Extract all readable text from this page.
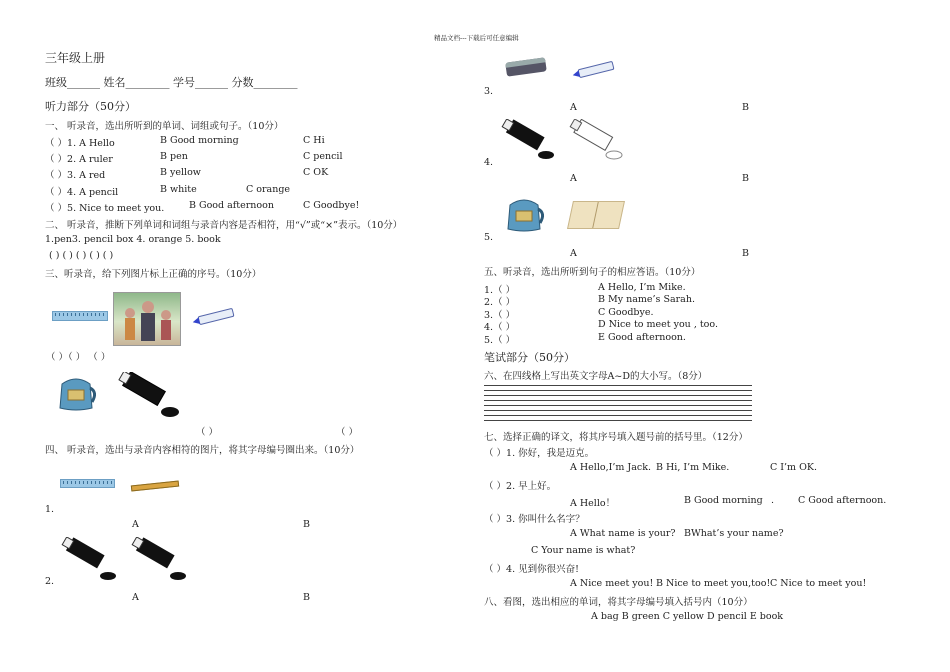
精品文档---下载后可任意编辑
三年级上册
班级______ 姓名________ 学号______ 分数________
听力部分（50分）
一、 听录音，选出所听到的单词、词组或句子。（10分）
（ ）1. A Hello	B Good morning	C Hi
（ ）2. A ruler	B pen	C pencil
（ ）3. A red	B yellow	C OK
（ ）4. A pencil	B white	C orange
（ ）5. Nice to meet you.	B Good afternoon	C Goodbye!
二、 听录音，推断下列单词和词组与录音内容是否相符，用“√”或“×”表示。（10分）
1.pen3. pencil box 4. orange 5. book
( ) ( ) ( ) ( ) ( )
三、听录音，给下列图片标上正确的序号。（10分）
（ ）（ ） （ ）
（ ）	（ ）
四、 听录音，选出与录音内容相符的图片，将其字母编号圈出来。（10分）
1.
A	B
2.
A	B
3.
A	B
4.
A	B
5.
A	B
五、听录音，选出所听到句子的相应答语。（10分）
1.（ ）	A Hello, I’m Mike.
2.（ ）	B My name’s Sarah.
3.（ ）	C Goodbye.
4.（ ）	D Nice to meet you , too.
5.（ ）	E Good afternoon.
笔试部分（50分）
六、在四线格上写出英文字母A~D的大小写。（8分）
七、选择正确的译文，将其序号填入题号前的括号里。（12分）
（ ）1. 你好，我是迈克。
A Hello,I’m Jack. B Hi, I’m Mike.	C I’m OK.
（ ）2. 早上好。
A Hello！	B Good morning .	C Good afternoon.
（ ）3. 你叫什么名字？
A What name is your? BWhat’s your name?
C Your name is what?
（ ）4. 见到你很兴奋!
A Nice meet you! B Nice to meet you,too! C Nice to meet you!
八、看图，选出相应的单词，将其字母编号填入括号内（10分）
A bag B green C yellow D pencil E book
